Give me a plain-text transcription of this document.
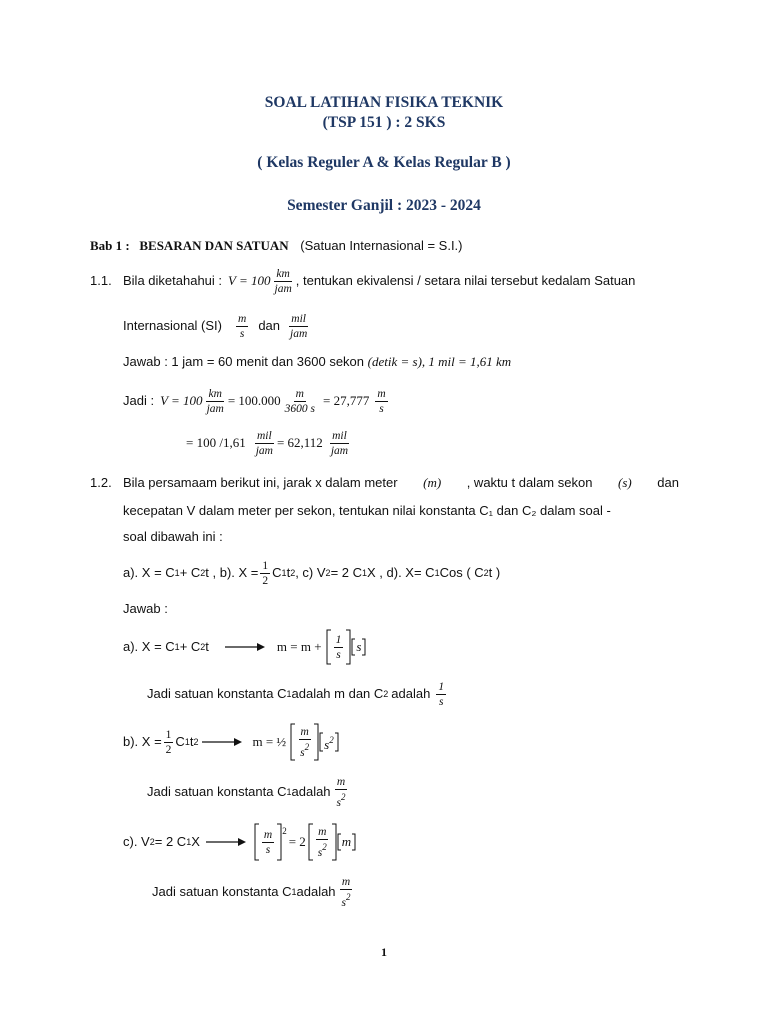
SOAL LATIHAN FISIKA TEKNIK
(TSP 151 ) : 2 SKS
( Kelas Reguler A & Kelas Regular B )
Semester Ganjil : 2023 - 2024
Bab 1 : BESARAN DAN SATUAN (Satuan Internasional = S.I.)
1.1. Bila diketahahui : $V = 100 \frac{km}{\text{jam}}$ , tentukan ekivalensi / setara nilai tersebut kedalam Satuan
Internasional $(SI) \frac{m}{s}$ dan $\frac{\text{mil}}{\text{jam}}$
Jawab : 1 jam = 60 menit dan 3600 sekon (detik = s), 1 mil = 1,61 km
Jadi : $V = 100 \frac{km}{\text{jam}} = 100.000 \frac{m}{3600 s} = 27,777 \frac{m}{s}$
= 100 $/1,61 \frac{\text{mil}}{\text{jam}} = 62,112 \frac{\text{mil}}{\text{jam}}$
1.2. Bila persamaam berikut ini, jarak x dalam meter (m) , waktu t dalam sekon (s) dan
kecepatan V dalam meter per sekon, tentukan nilai konstanta C₁ dan C₂ dalam soal -
soal dibawah ini :
a). X = C 1 + C 2 t , b). $X = \frac{1}{2}$ C 1 t 2 , c) V 2 = 2 C 1 X , d). X= C 1 Cos ( C 2 t )
Jawab :
a). X = C 1 + C 2 t	$m = m + \frac{1}{s}$ s
Jadi satuan konstanta C 1 adalah m dan C 2 adalah $\frac{1}{s}$
b). $X = \frac{1}{2}$ C 1 t 2	m = ½ $\frac{m}{s^2} s^2$
Jadi satuan konstanta C 1 adalah $\frac{m}{s^2}$
c). V 2 = 2 C 1 X	$\frac{m}{s} 2$
= $2 \frac{m}{s^2}$ m
Jadi satuan konstanta C 1 adalah $\frac{m}{s^2}$
1
